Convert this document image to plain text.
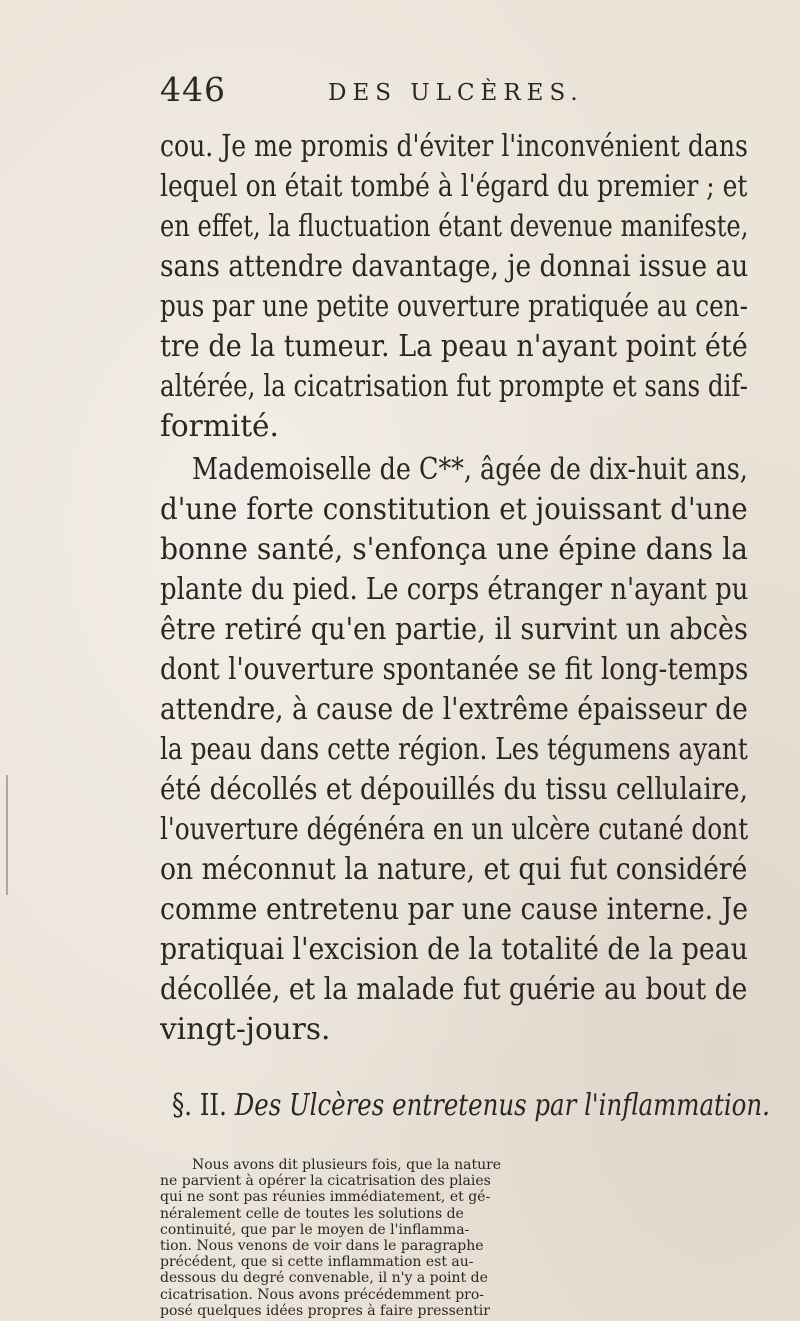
446	DES ULCÈRES.
cou. Je me promis d'éviter l'inconvénient dans
lequel on était tombé à l'égard du premier ; et
en effet, la fluctuation étant devenue manifeste,
sans attendre davantage, je donnai issue au
pus par une petite ouverture pratiquée au cen-
tre de la tumeur. La peau n'ayant point été
altérée, la cicatrisation fut prompte et sans dif-
formité.
Mademoiselle de C**, âgée de dix-huit ans,
d'une forte constitution et jouissant d'une
bonne santé, s'enfonça une épine dans la
plante du pied. Le corps étranger n'ayant pu
être retiré qu'en partie, il survint un abcès
dont l'ouverture spontanée se fit long-temps
attendre, à cause de l'extrême épaisseur de
la peau dans cette région. Les tégumens ayant
été décollés et dépouillés du tissu cellulaire,
l'ouverture dégénéra en un ulcère cutané dont
on méconnut la nature, et qui fut considéré
comme entretenu par une cause interne. Je
pratiquai l'excision de la totalité de la peau
décollée, et la malade fut guérie au bout de
vingt-jours.
§. II. Des Ulcères entretenus par l'inflammation.
Nous avons dit plusieurs fois, que la nature
ne parvient à opérer la cicatrisation des plaies
qui ne sont pas réunies immédiatement, et gé-
néralement celle de toutes les solutions de
continuité, que par le moyen de l'inflamma-
tion. Nous venons de voir dans le paragraphe
précédent, que si cette inflammation est au-
dessous du degré convenable, il n'y a point de
cicatrisation. Nous avons précédemment pro-
posé quelques idées propres à faire pressentir
